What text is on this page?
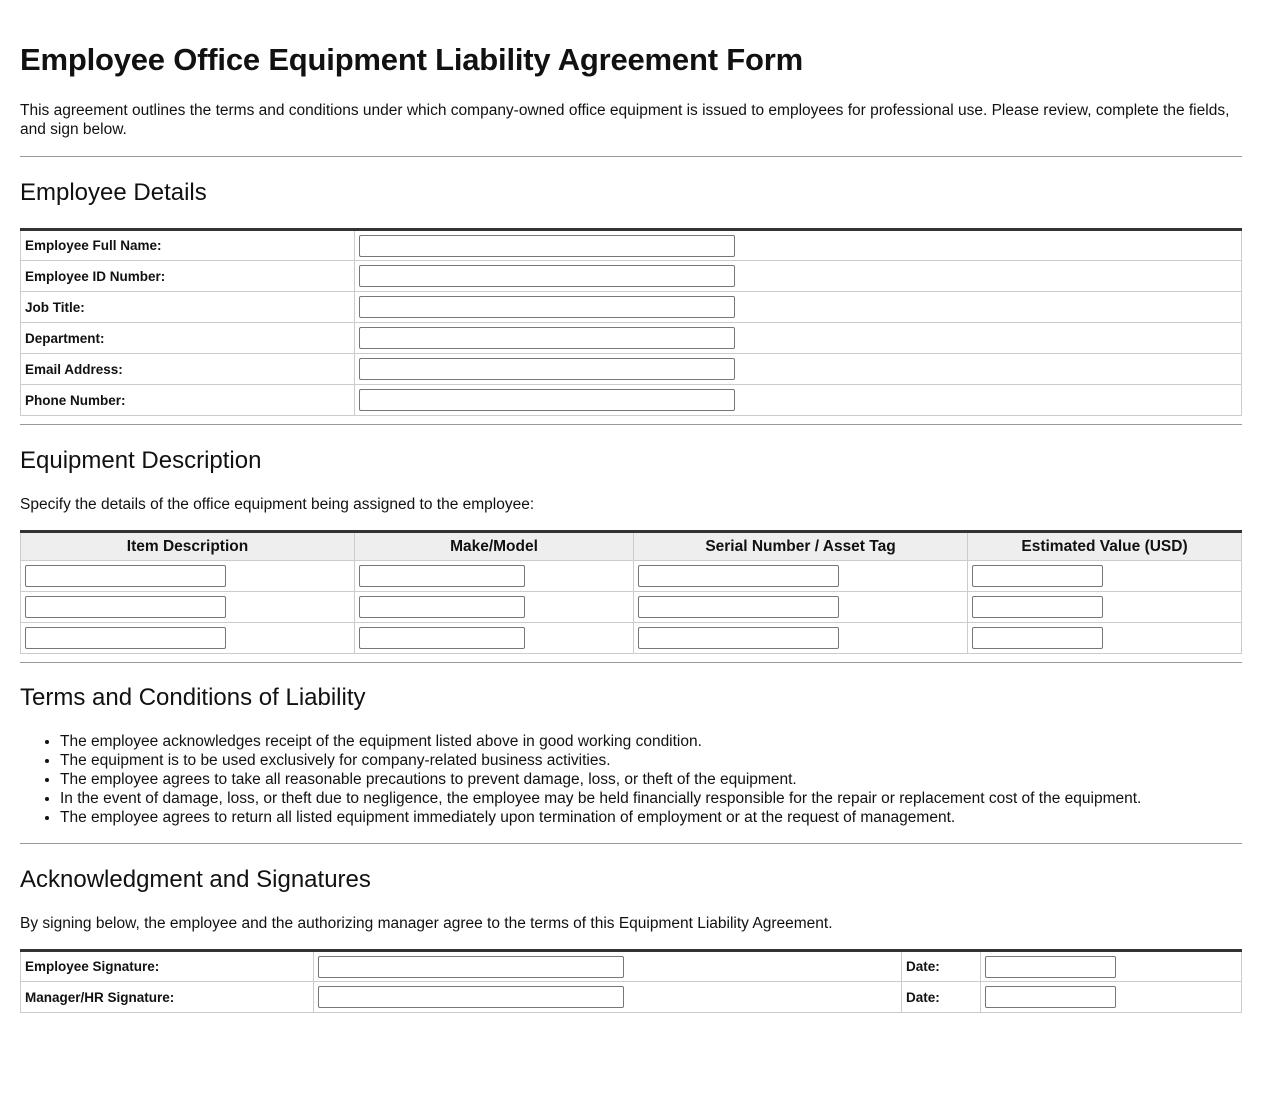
Employee Office Equipment Liability Agreement Form

This agreement outlines the terms and conditions under which company-owned office equipment is issued to employees for professional use. Please review, complete the fields, and sign below.

Employee Details
Employee Full Name:	

Employee ID Number:	

Job Title:	

Department:	

Email Address:	

Phone Number:	
Equipment Description

Specify the details of the office equipment being assigned to the employee:

Item Description	Make/Model	Serial Number / Asset Tag	Estimated Value (USD)

Terms and Conditions of Liability
• The employee acknowledges receipt of the equipment listed above in good working condition.
• The equipment is to be used exclusively for company-related business activities.
• The employee agrees to take all reasonable precautions to prevent damage, loss, or theft of the equipment.
• In the event of damage, loss, or theft due to negligence, the employee may be held financially responsible for the repair or replacement cost of the equipment.
• The employee agrees to return all listed equipment immediately upon termination of employment or at the request of management.
Acknowledgment and Signatures

By signing below, the employee and the authorizing manager agree to the terms of this Equipment Liability Agreement.

Employee Signature:		Date:	

Manager/HR Signature:		Date:	
